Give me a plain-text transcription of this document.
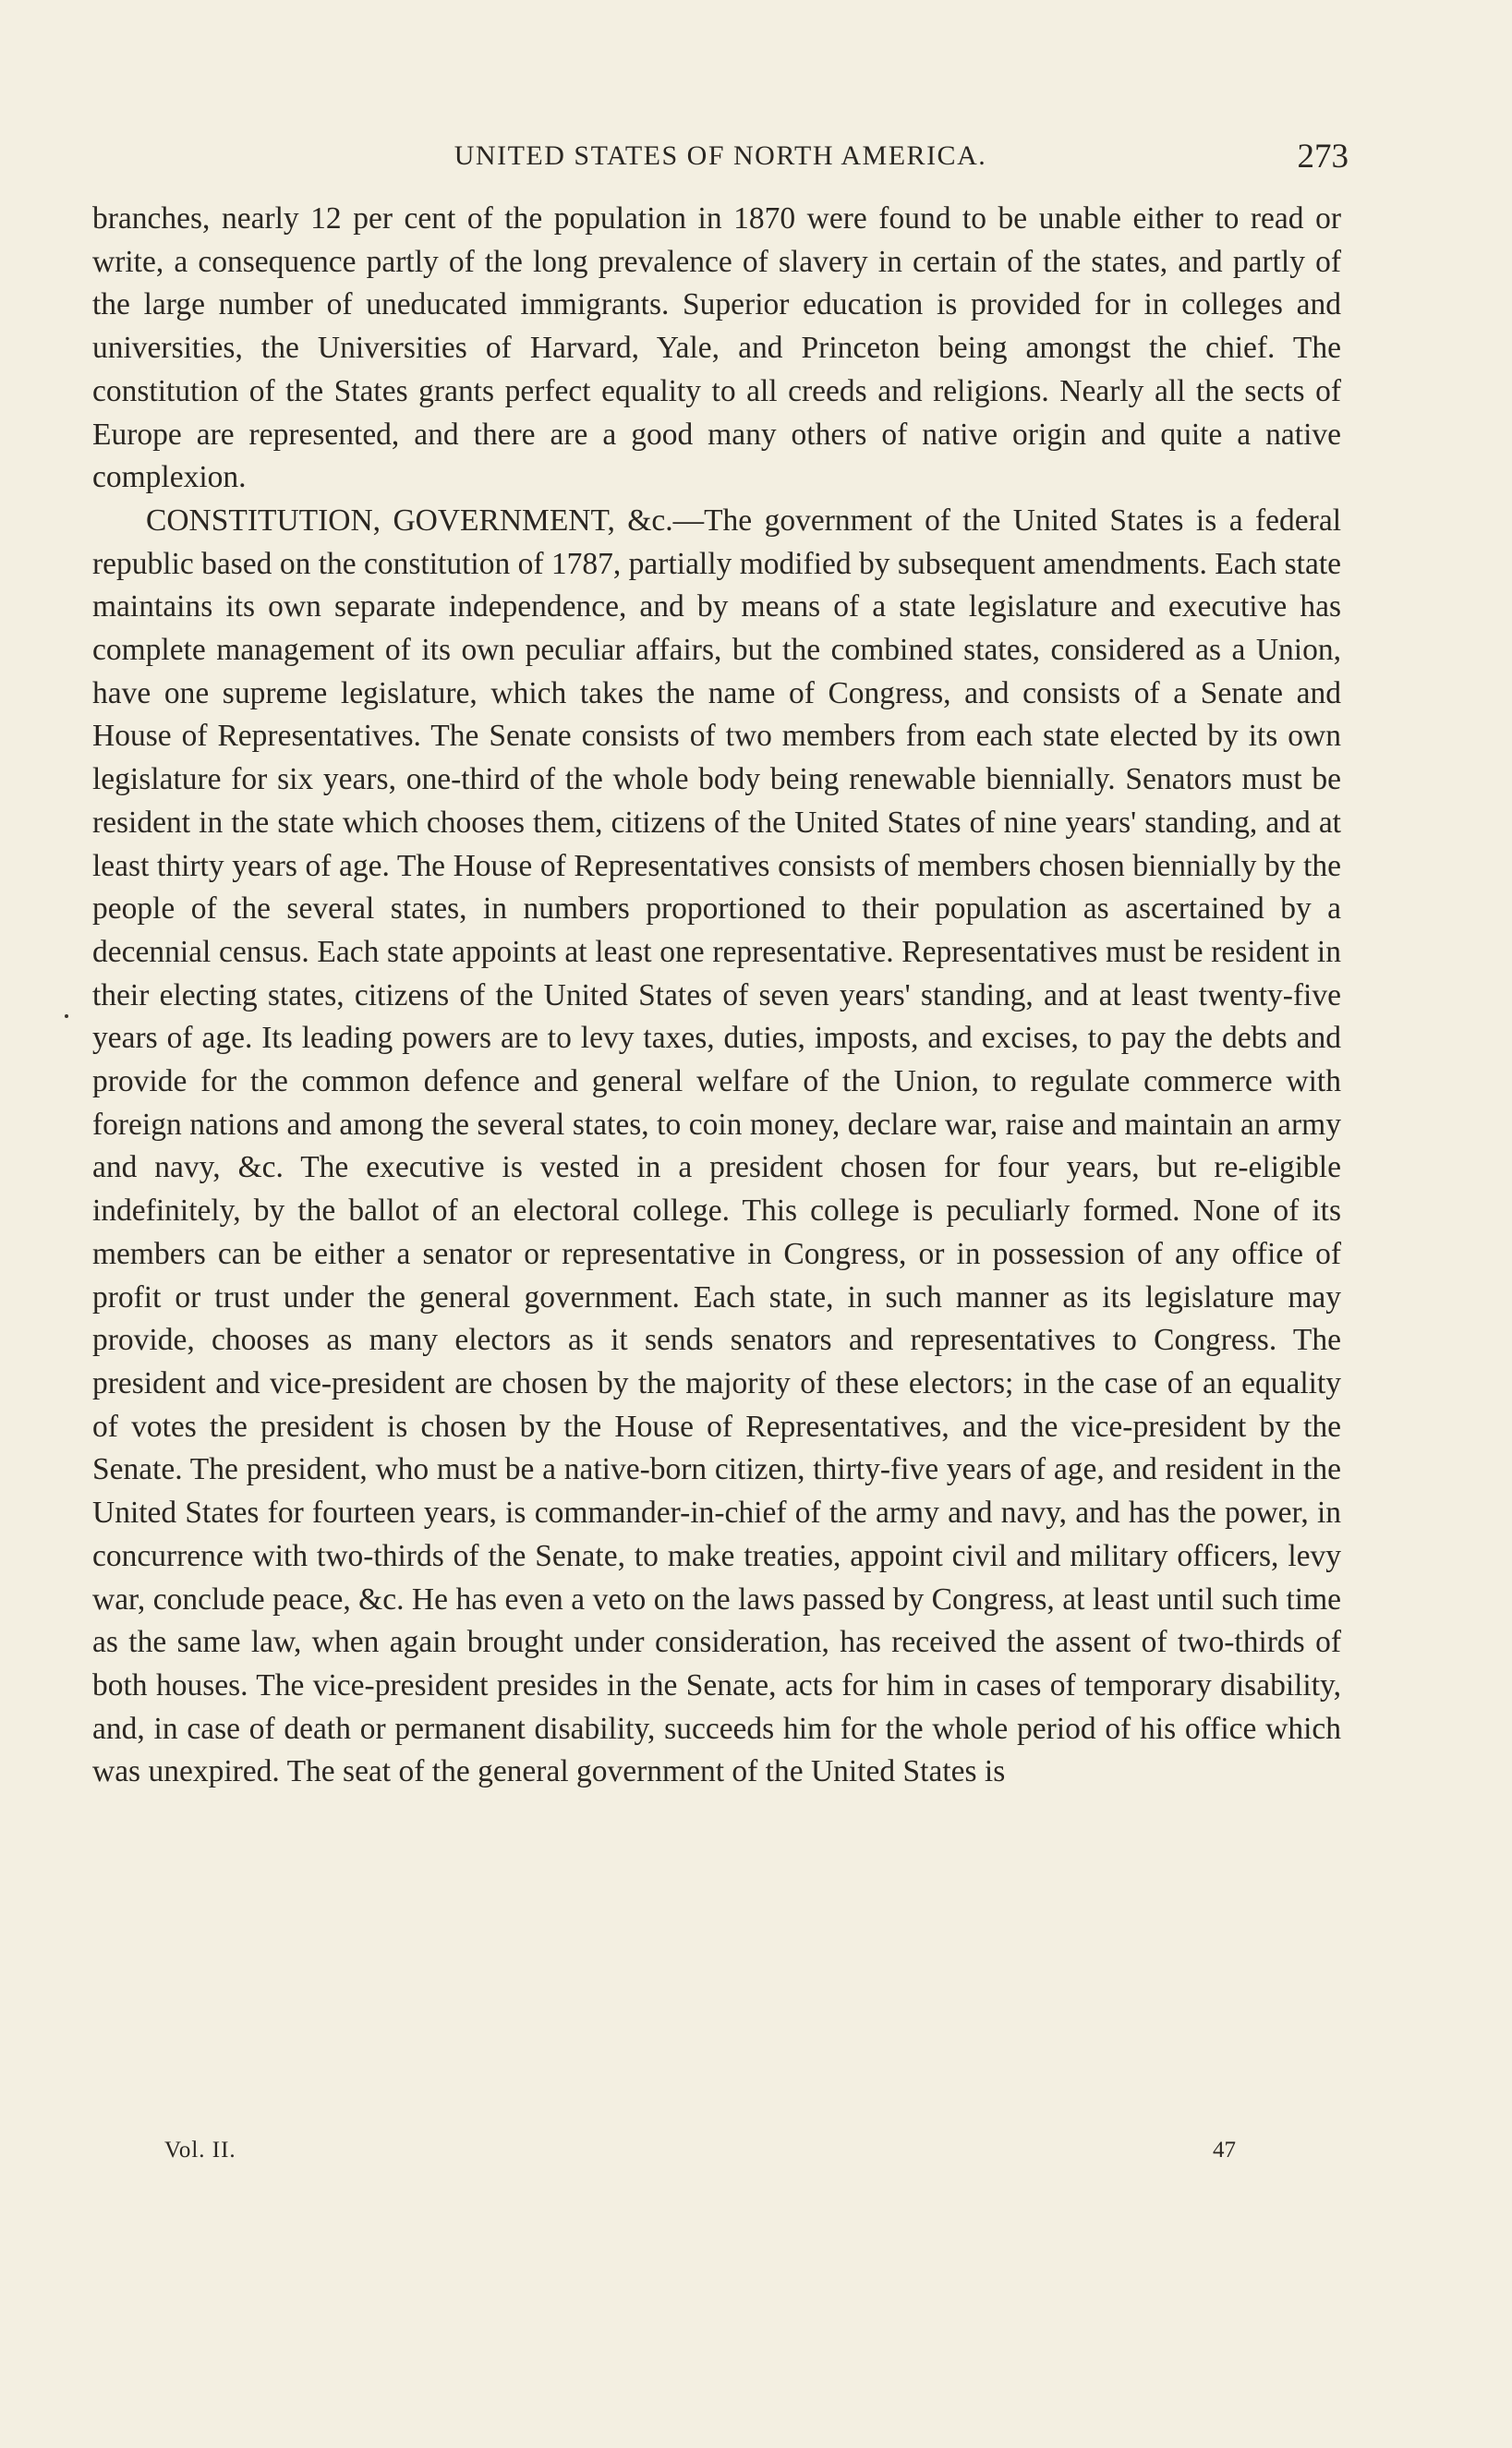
UNITED STATES OF NORTH AMERICA.	273

branches, nearly 12 per cent of the population in 1870 were found to be unable either to read or write, a consequence partly of the long prevalence of slavery in certain of the states, and partly of the large number of uneducated immigrants. Superior education is provided for in colleges and universities, the Universities of Harvard, Yale, and Princeton being amongst the chief. The constitution of the States grants perfect equality to all creeds and religions. Nearly all the sects of Europe are represented, and there are a good many others of native origin and quite a native complexion.

CONSTITUTION, GOVERNMENT, &c.—The government of the United States is a federal republic based on the constitution of 1787, partially modified by subsequent amendments. Each state maintains its own separate independence, and by means of a state legislature and executive has complete management of its own peculiar affairs, but the combined states, considered as a Union, have one supreme legislature, which takes the name of Congress, and consists of a Senate and House of Representatives. The Senate consists of two members from each state elected by its own legislature for six years, one-third of the whole body being renewable biennially. Senators must be resident in the state which chooses them, citizens of the United States of nine years' standing, and at least thirty years of age. The House of Representatives consists of members chosen biennially by the people of the several states, in numbers proportioned to their population as ascertained by a decennial census. Each state appoints at least one representative. Representatives must be resident in their electing states, citizens of the United States of seven years' standing, and at least twenty-five years of age. Its leading powers are to levy taxes, duties, imposts, and excises, to pay the debts and provide for the common defence and general welfare of the Union, to regulate commerce with foreign nations and among the several states, to coin money, declare war, raise and maintain an army and navy, &c. The executive is vested in a president chosen for four years, but re-eligible indefinitely, by the ballot of an electoral college. This college is peculiarly formed. None of its members can be either a senator or representative in Congress, or in possession of any office of profit or trust under the general government. Each state, in such manner as its legislature may provide, chooses as many electors as it sends senators and representatives to Congress. The president and vice-president are chosen by the majority of these electors; in the case of an equality of votes the president is chosen by the House of Representatives, and the vice-president by the Senate. The president, who must be a native-born citizen, thirty-five years of age, and resident in the United States for fourteen years, is commander-in-chief of the army and navy, and has the power, in concurrence with two-thirds of the Senate, to make treaties, appoint civil and military officers, levy war, conclude peace, &c. He has even a veto on the laws passed by Congress, at least until such time as the same law, when again brought under consideration, has received the assent of two-thirds of both houses. The vice-president presides in the Senate, acts for him in cases of temporary disability, and, in case of death or permanent disability, succeeds him for the whole period of his office which was unexpired. The seat of the general government of the United States is

Vol. II.	47
